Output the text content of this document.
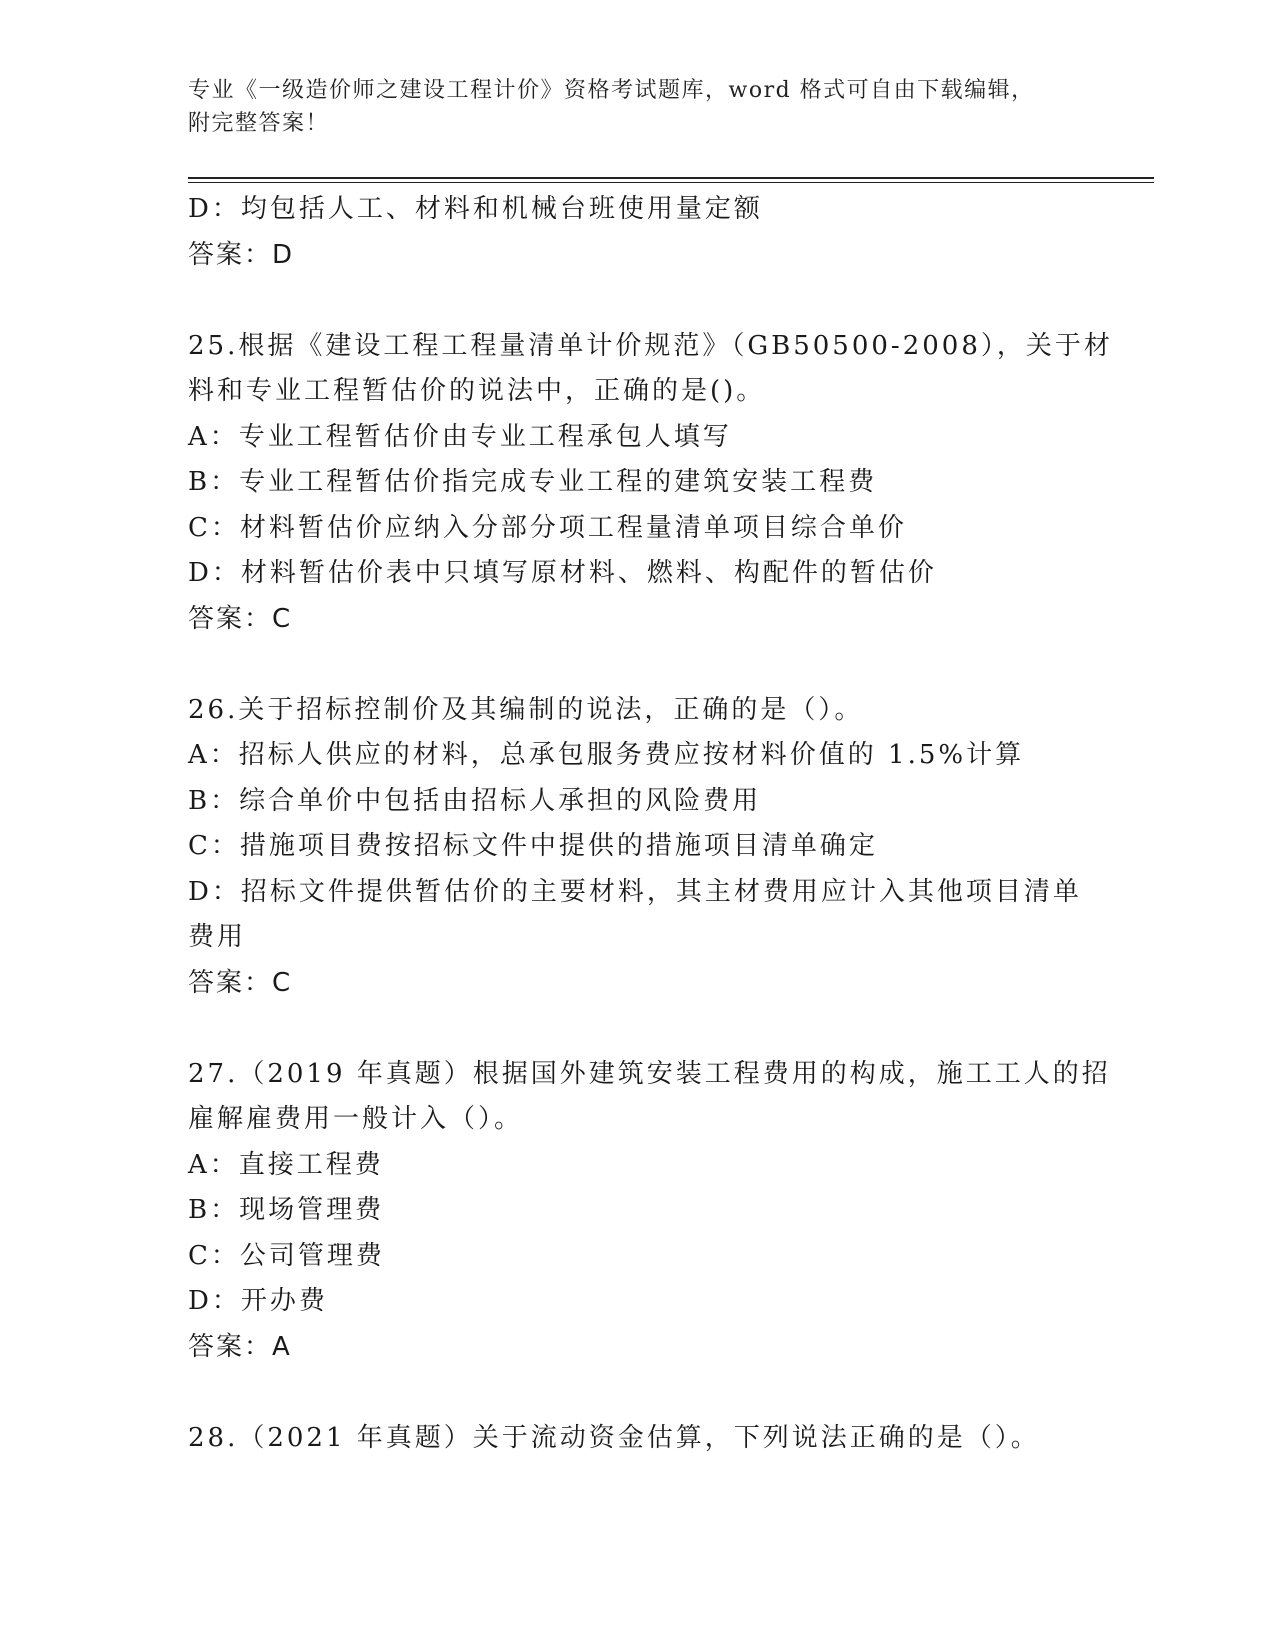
专业《一级造价师之建设工程计价》资格考试题库，word 格式可自由下载编辑，
附完整答案！
D：均包括人工、材料和机械台班使用量定额
答案：D
25.根据《建设工程工程量清单计价规范》（GB50500-2008），关于材
料和专业工程暂估价的说法中，正确的是()。
A：专业工程暂估价由专业工程承包人填写
B：专业工程暂估价指完成专业工程的建筑安装工程费
C：材料暂估价应纳入分部分项工程量清单项目综合单价
D：材料暂估价表中只填写原材料、燃料、构配件的暂估价
答案：C
26.关于招标控制价及其编制的说法，正确的是（）。
A：招标人供应的材料，总承包服务费应按材料价值的 1.5%计算
B：综合单价中包括由招标人承担的风险费用
C：措施项目费按招标文件中提供的措施项目清单确定
D：招标文件提供暂估价的主要材料，其主材费用应计入其他项目清单
费用
答案：C
27.（2019 年真题）根据国外建筑安装工程费用的构成，施工工人的招
雇解雇费用一般计入（）。
A：直接工程费
B：现场管理费
C：公司管理费
D：开办费
答案：A
28.（2021 年真题）关于流动资金估算，下列说法正确的是（）。
